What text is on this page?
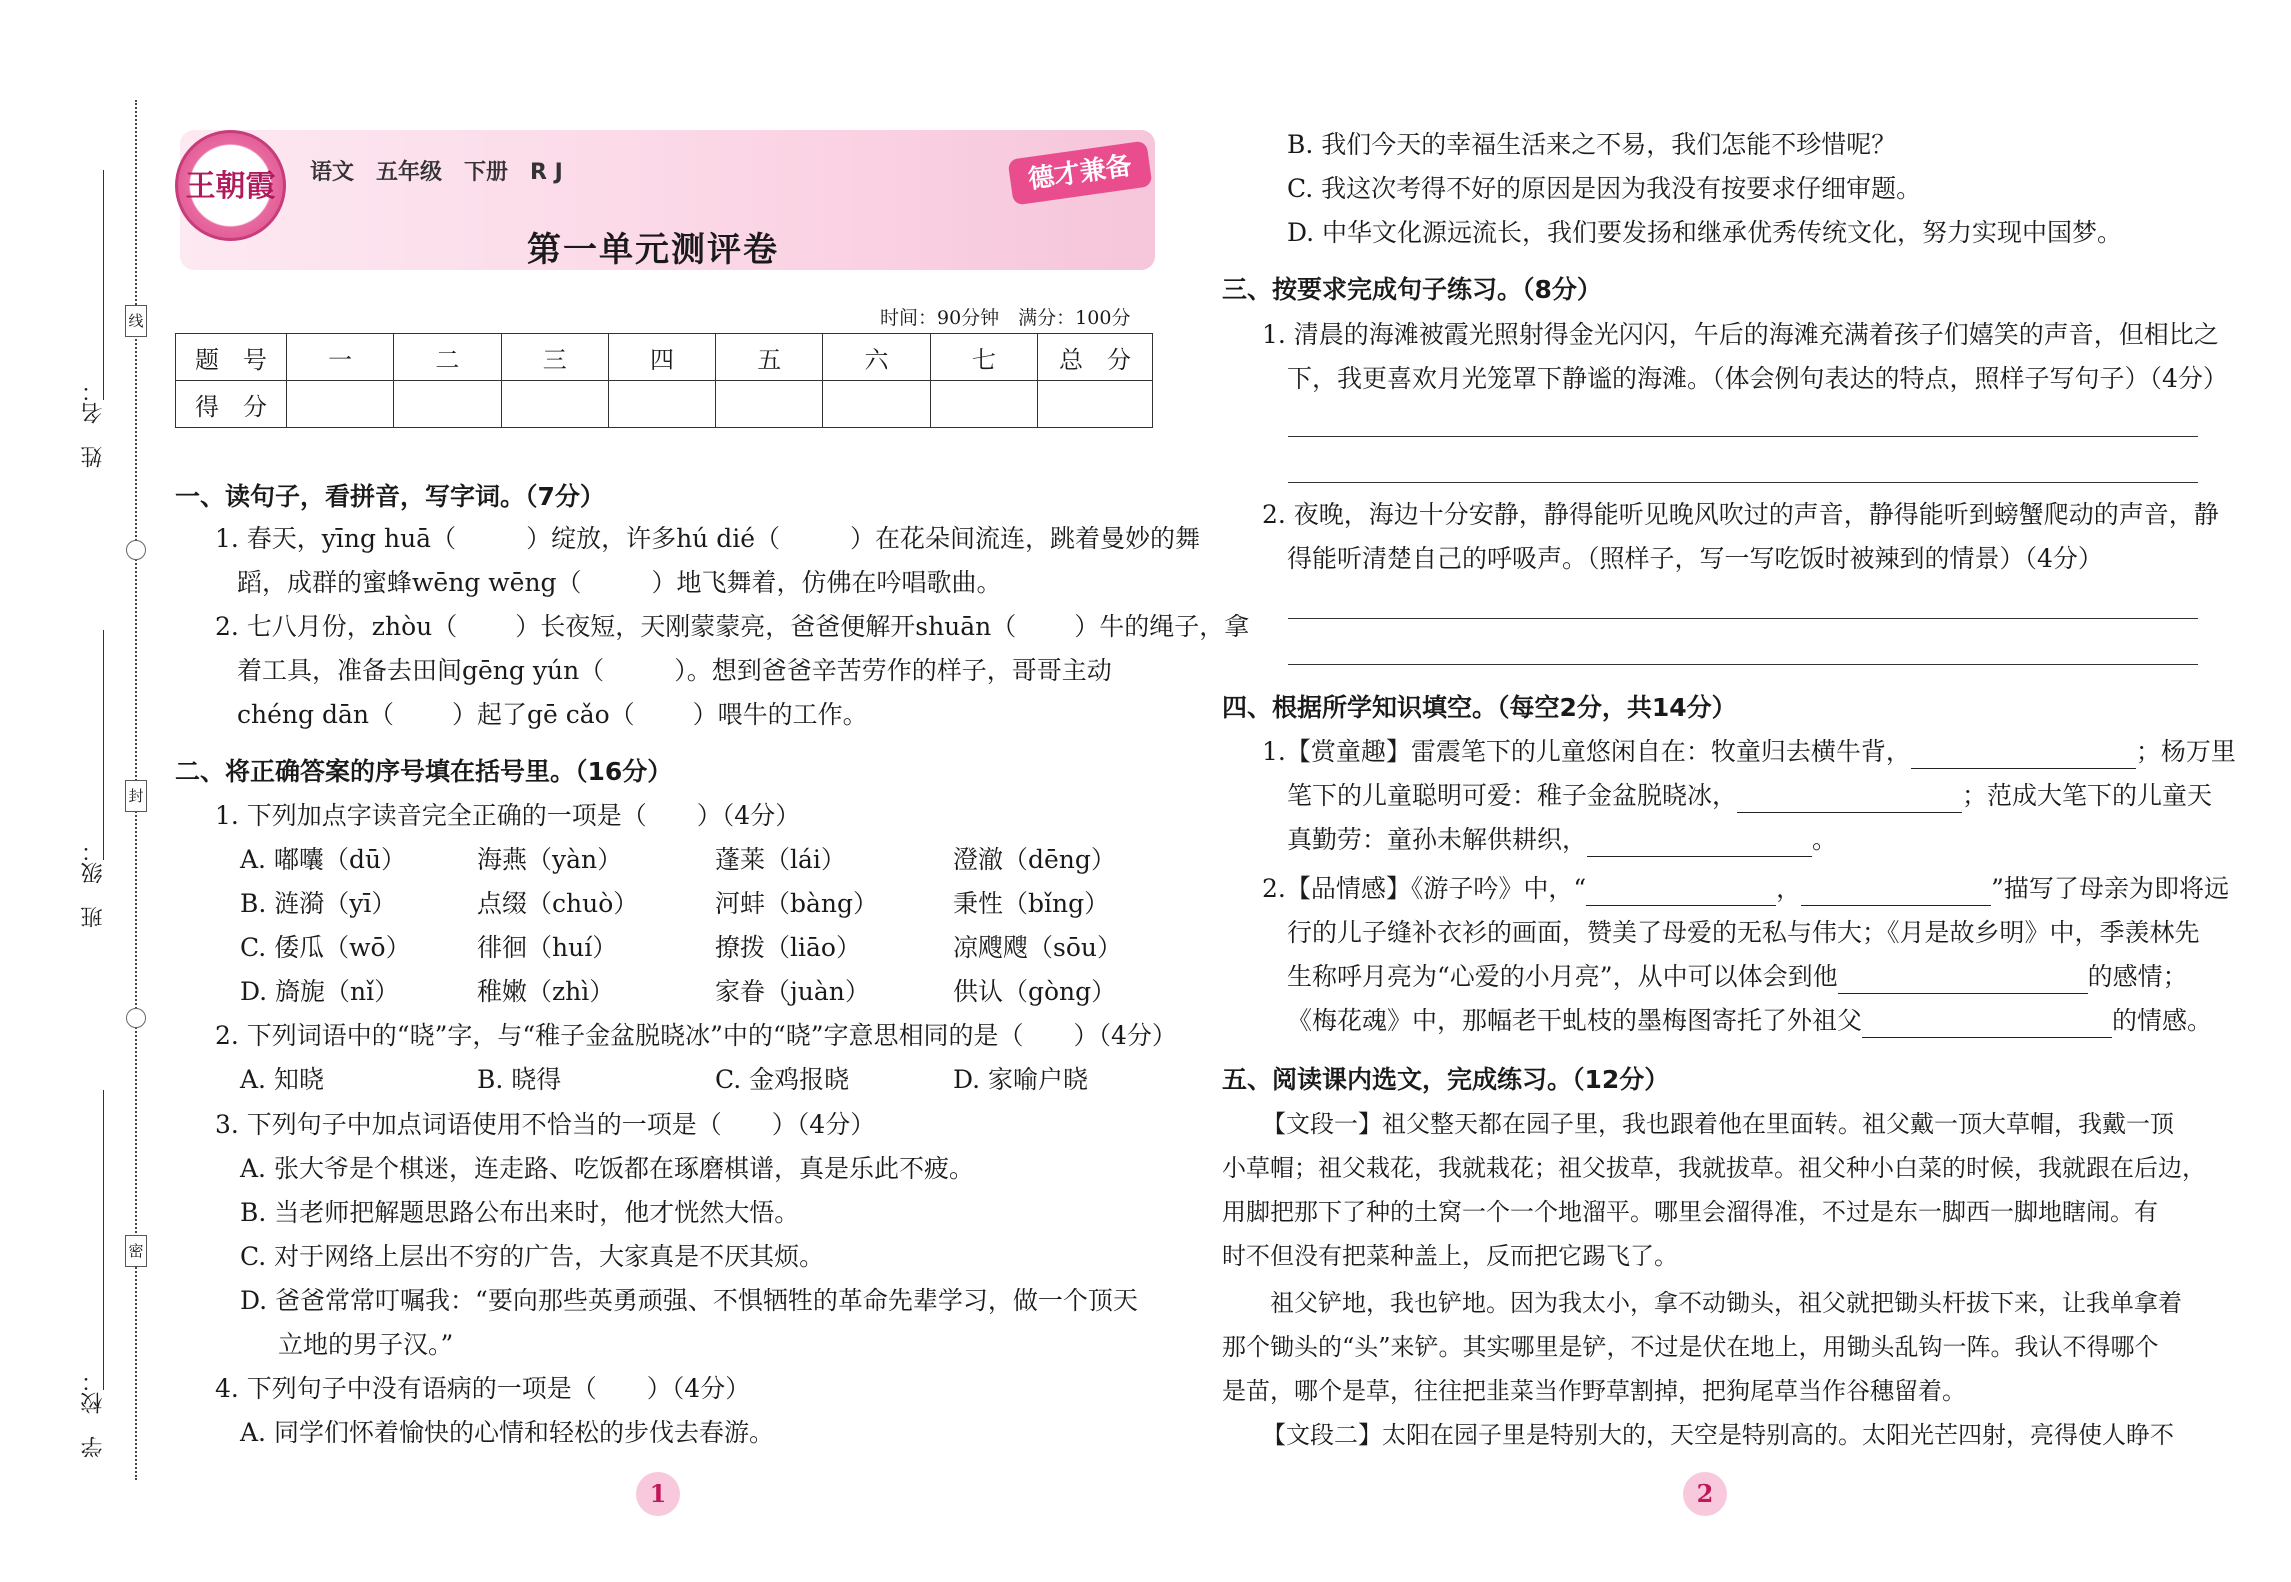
线
封
密
姓　名：
班　级：
学　校：
王朝霞	语文　五年级　下册　R J	德才兼备
第一单元测评卷
时间：90分钟　满分：100分
题　号	一	二	三	四	五	六	七	总　分
得　分								
一、读句子，看拼音，写字词。（7分）
1. 春天，yīng huā（	）绽放，许多hú dié（	）在花朵间流连，跳着曼妙的舞
蹈，成群的蜜蜂wēng wēng（	）地飞舞着，仿佛在吟唱歌曲。
2. 七八月份，zhòu（ ）长夜短，天刚蒙蒙亮，爸爸便解开shuān（ ）牛的绳子，拿
着工具，准备去田间gēng yún（	）。想到爸爸辛苦劳作的样子，哥哥主动
chéng dān（ ）起了gē cǎo（ ）喂牛的工作。
二、将正确答案的序号填在括号里。（16分）
1. 下列加点字读音完全正确的一项是（　　）（4分）
A. 嘟囔（dū）	海燕（yàn）	蓬莱（lái）	澄澈（dēng）
B. 涟漪（yī）	点缀（chuò）	河蚌（bàng）	秉性（bǐng）
C. 倭瓜（wō）	徘徊（huí）	撩拨（liāo）	凉飕飕（sōu）
D. 旖旎（nǐ）	稚嫩（zhì）	家眷（juàn）	供认（gòng）
2. 下列词语中的“晓”字，与“稚子金盆脱晓冰”中的“晓”字意思相同的是（　　）（4分）
A. 知晓	B. 晓得	C. 金鸡报晓	D. 家喻户晓
3. 下列句子中加点词语使用不恰当的一项是（　　）（4分）
A. 张大爷是个棋迷，连走路、吃饭都在琢磨棋谱，真是乐此不疲。
B. 当老师把解题思路公布出来时，他才恍然大悟。
C. 对于网络上层出不穷的广告，大家真是不厌其烦。
D. 爸爸常常叮嘱我：“要向那些英勇顽强、不惧牺牲的革命先辈学习，做一个顶天
立地的男子汉。”
4. 下列句子中没有语病的一项是（　　）（4分）
A. 同学们怀着愉快的心情和轻松的步伐去春游。
1
B. 我们今天的幸福生活来之不易，我们怎能不珍惜呢？
C. 我这次考得不好的原因是因为我没有按要求仔细审题。
D. 中华文化源远流长，我们要发扬和继承优秀传统文化，努力实现中国梦。
三、按要求完成句子练习。（8分）
1. 清晨的海滩被霞光照射得金光闪闪，午后的海滩充满着孩子们嬉笑的声音，但相比之
下，我更喜欢月光笼罩下静谧的海滩。（体会例句表达的特点，照样子写句子）（4分）
2. 夜晚，海边十分安静，静得能听见晚风吹过的声音，静得能听到螃蟹爬动的声音，静
得能听清楚自己的呼吸声。（照样子，写一写吃饭时被辣到的情景）（4分）
四、根据所学知识填空。（每空2分，共14分）
1.【赏童趣】雷震笔下的儿童悠闲自在：牧童归去横牛背，	；杨万里
笔下的儿童聪明可爱：稚子金盆脱晓冰，	；范成大笔下的儿童天
真勤劳：童孙未解供耕织，	。
2.【品情感】《游子吟》中，“	，	”描写了母亲为即将远
行的儿子缝补衣衫的画面，赞美了母爱的无私与伟大；《月是故乡明》中，季羡林先
生称呼月亮为“心爱的小月亮”，从中可以体会到他	的感情；
《梅花魂》中，那幅老干虬枝的墨梅图寄托了外祖父	的情感。
五、阅读课内选文，完成练习。（12分）
【文段一】祖父整天都在园子里，我也跟着他在里面转。祖父戴一顶大草帽，我戴一顶
小草帽；祖父栽花，我就栽花；祖父拔草，我就拔草。祖父种小白菜的时候，我就跟在后边，
用脚把那下了种的土窝一个一个地溜平。哪里会溜得准，不过是东一脚西一脚地瞎闹。有
时不但没有把菜种盖上，反而把它踢飞了。
祖父铲地，我也铲地。因为我太小，拿不动锄头，祖父就把锄头杆拔下来，让我单拿着
那个锄头的“头”来铲。其实哪里是铲，不过是伏在地上，用锄头乱钩一阵。我认不得哪个
是苗，哪个是草，往往把韭菜当作野草割掉，把狗尾草当作谷穗留着。
【文段二】太阳在园子里是特别大的，天空是特别高的。太阳光芒四射，亮得使人睁不
2
